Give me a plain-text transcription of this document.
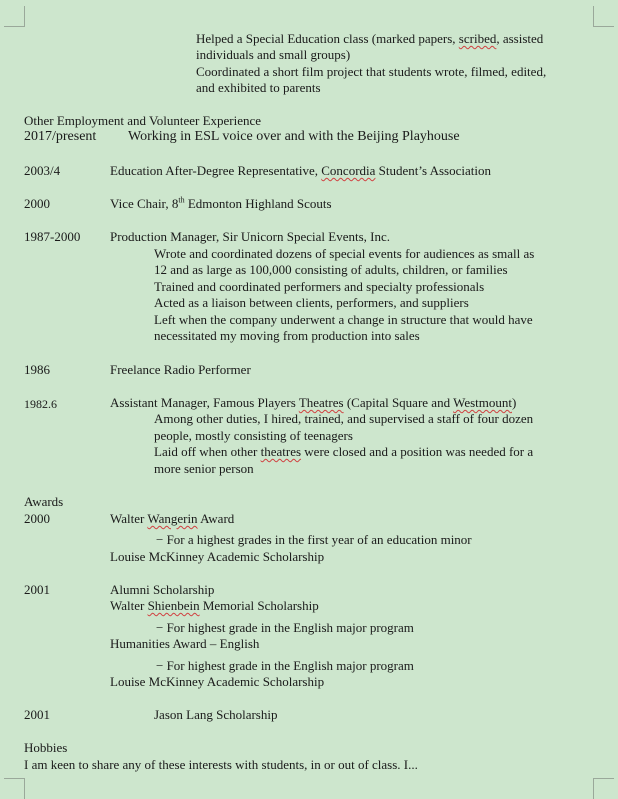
Helped a Special Education class (marked papers, scribed, assisted
individuals and small groups)
Coordinated a short film project that students wrote, filmed, edited,
and exhibited to parents
Other Employment and Volunteer Experience
2017/present Working in ESL voice over and with the Beijing Playhouse
2003/4	Education After-Degree Representative, Concordia Student’s Association
2000	Vice Chair, 8th Edmonton Highland Scouts
1987-2000 Production Manager, Sir Unicorn Special Events, Inc.
Wrote and coordinated dozens of special events for audiences as small as
12 and as large as 100,000 consisting of adults, children, or families
Trained and coordinated performers and specialty professionals
Acted as a liaison between clients, performers, and suppliers
Left when the company underwent a change in structure that would have
necessitated my moving from production into sales
1986	Freelance Radio Performer
1982.6	Assistant Manager, Famous Players Theatres (Capital Square and Westmount)
Among other duties, I hired, trained, and supervised a staff of four dozen
people, mostly consisting of teenagers
Laid off when other theatres were closed and a position was needed for a
more senior person
Awards
2000	Walter Wangerin Award
− For a highest grades in the first year of an education minor
Louise McKinney Academic Scholarship
2001	Alumni Scholarship
Walter Shienbein Memorial Scholarship
− For highest grade in the English major program
Humanities Award – English
− For highest grade in the English major program
Louise McKinney Academic Scholarship
2001	Jason Lang Scholarship
Hobbies
I am keen to share any of these interests with students, in or out of class. I...
